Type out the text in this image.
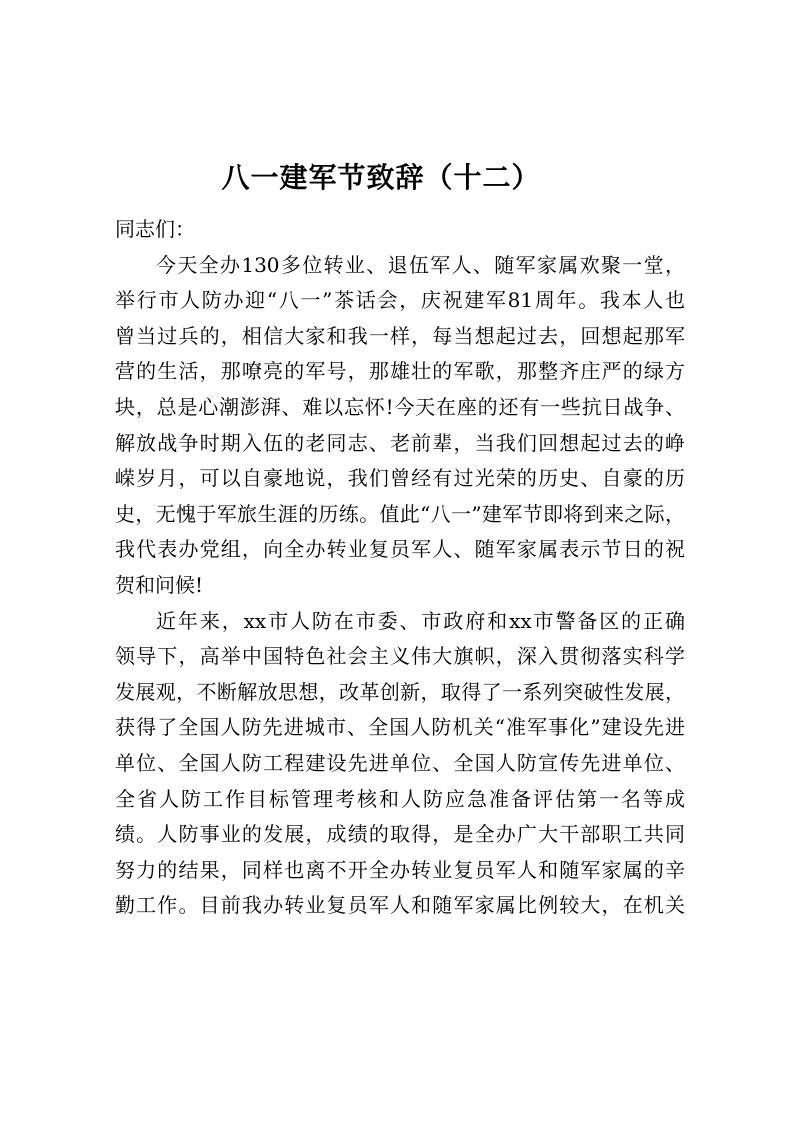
八一建军节致辞（十二）
同志们：
今天全办130多位转业、退伍军人、随军家属欢聚一堂，
举行市人防办迎“八一”茶话会，庆祝建军81周年。我本人也
曾当过兵的，相信大家和我一样，每当想起过去，回想起那军
营的生活，那嘹亮的军号，那雄壮的军歌，那整齐庄严的绿方
块，总是心潮澎湃、难以忘怀!今天在座的还有一些抗日战争、
解放战争时期入伍的老同志、老前辈，当我们回想起过去的峥
嵘岁月，可以自豪地说，我们曾经有过光荣的历史、自豪的历
史，无愧于军旅生涯的历练。值此“八一”建军节即将到来之际，
我代表办党组，向全办转业复员军人、随军家属表示节日的祝
贺和问候!
近年来，xx市人防在市委、市政府和xx市警备区的正确
领导下，高举中国特色社会主义伟大旗帜，深入贯彻落实科学
发展观，不断解放思想，改革创新，取得了一系列突破性发展，
获得了全国人防先进城市、全国人防机关“准军事化”建设先进
单位、全国人防工程建设先进单位、全国人防宣传先进单位、
全省人防工作目标管理考核和人防应急准备评估第一名等成
绩。人防事业的发展，成绩的取得，是全办广大干部职工共同
努力的结果，同样也离不开全办转业复员军人和随军家属的辛
勤工作。目前我办转业复员军人和随军家属比例较大，在机关
